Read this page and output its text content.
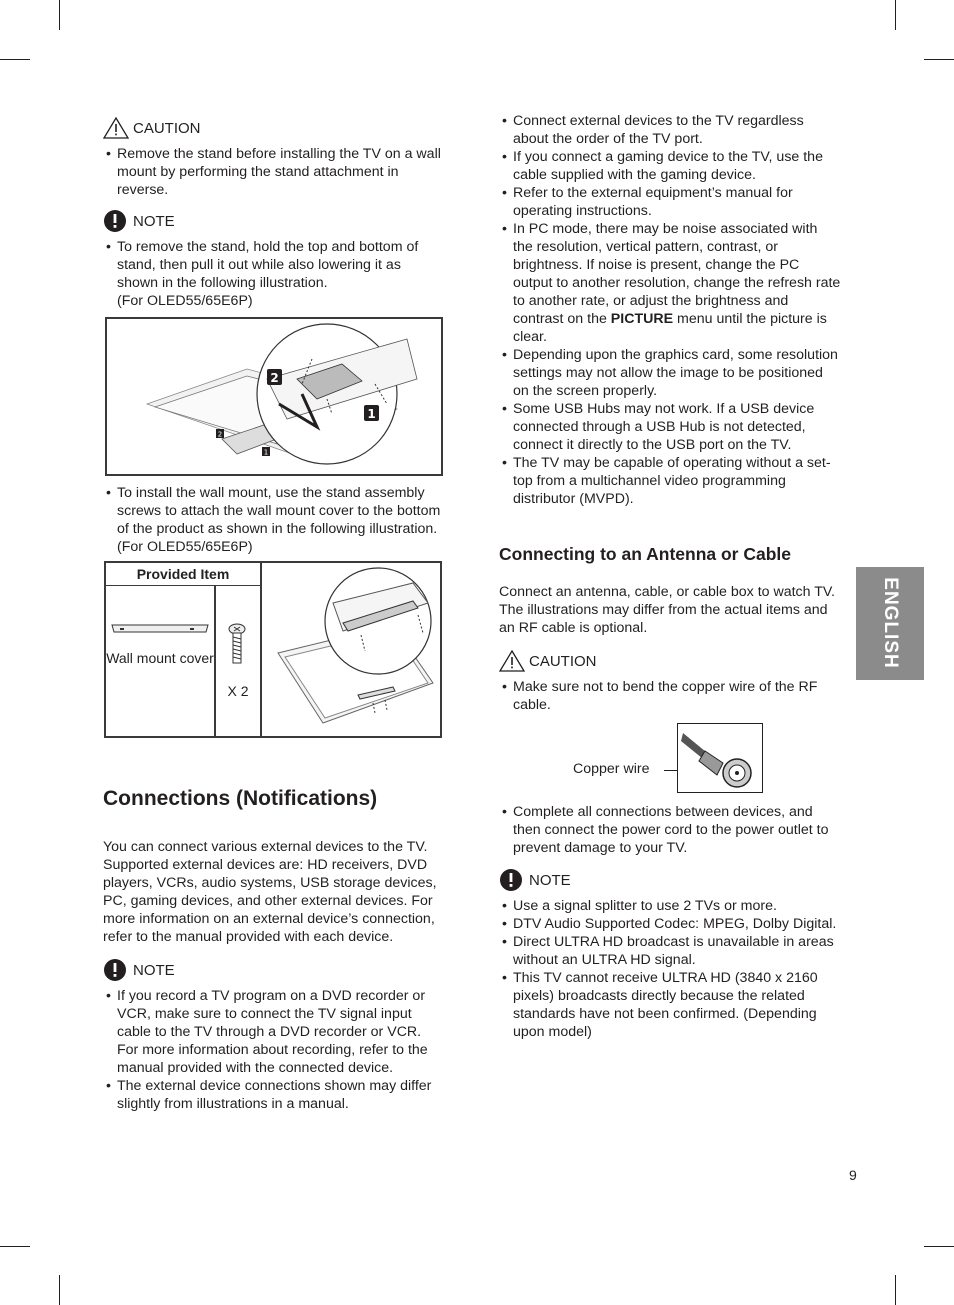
CAUTION
• Remove the stand before installing the TV on a wall mount by performing the stand attachment in reverse.
NOTE
• To remove the stand, hold the top and bottom of stand, then pull it out while also lowering it as shown in the following illustration.
(For OLED55/65E6P)
2
1
2
1
• To install the wall mount, use the stand assembly screws to attach the wall mount cover to the bottom of the product as shown in the following illustration. (For OLED55/65E6P)
Provided Item
Wall mount cover
X 2
Connections (Notifications)

You can connect various external devices to the TV. Supported external devices are: HD receivers, DVD players, VCRs, audio systems, USB storage devices, PC, gaming devices, and other external devices. For more information on an external device’s connection, refer to the manual provided with each device.

NOTE
• If you record a TV program on a DVD recorder or VCR, make sure to connect the TV signal input cable to the TV through a DVD recorder or VCR. For more information about recording, refer to the manual provided with the connected device.
• The external device connections shown may differ slightly from illustrations in a manual.
• Connect external devices to the TV regardless about the order of the TV port.
• If you connect a gaming device to the TV, use the cable supplied with the gaming device.
• Refer to the external equipment’s manual for operating instructions.
• In PC mode, there may be noise associated with the resolution, vertical pattern, contrast, or brightness. If noise is present, change the PC output to another resolution, change the refresh rate to another rate, or adjust the brightness and contrast on the PICTURE menu until the picture is clear.
• Depending upon the graphics card, some resolution settings may not allow the image to be positioned on the screen properly.
• Some USB Hubs may not work. If a USB device connected through a USB Hub is not detected, connect it directly to the USB port on the TV.
• The TV may be capable of operating without a set-top from a multichannel video programming distributor (MVPD).
Connecting to an Antenna or Cable

Connect an antenna, cable, or cable box to watch TV. The illustrations may differ from the actual items and an RF cable is optional.

CAUTION
• Make sure not to bend the copper wire of the RF cable.
Copper wire
• Complete all connections between devices, and then connect the power cord to the power outlet to prevent damage to your TV.
NOTE
• Use a signal splitter to use 2 TVs or more.
• DTV Audio Supported Codec: MPEG, Dolby Digital.
• Direct ULTRA HD broadcast is unavailable in areas without an ULTRA HD signal.
• This TV cannot receive ULTRA HD (3840 x 2160 pixels) broadcasts directly because the related standards have not been confirmed. (Depending upon model)
ENGLISH
9
